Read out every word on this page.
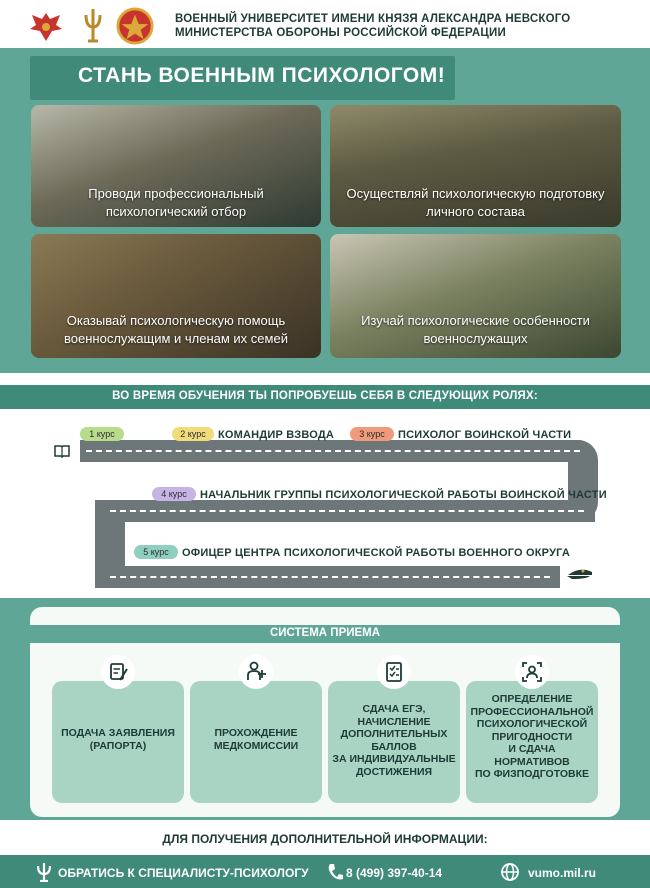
ВОЕННЫЙ УНИВЕРСИТЕТ ИМЕНИ КНЯЗЯ АЛЕКСАНДРА НЕВСКОГО
МИНИСТЕРСТВА ОБОРОНЫ РОССИЙСКОЙ ФЕДЕРАЦИИ
СТАНЬ ВОЕННЫМ ПСИХОЛОГОМ!
Проводи профессиональный
психологический отбор
Осуществляй психологическую подготовку
личного состава
Оказывай психологическую помощь
военнослужащим и членам их семей
Изучай психологические особенности
военнослужащих
ВО ВРЕМЯ ОБУЧЕНИЯ ТЫ ПОПРОБУЕШЬ СЕБЯ В СЛЕДУЮЩИХ РОЛЯХ:
1 курс	2 курс	КОМАНДИР ВЗВОДА	3 курс	ПСИХОЛОГ ВОИНСКОЙ ЧАСТИ
4 курс	НАЧАЛЬНИК ГРУППЫ ПСИХОЛОГИЧЕСКОЙ РАБОТЫ ВОИНСКОЙ ЧАСТИ
5 курс	ОФИЦЕР ЦЕНТРА ПСИХОЛОГИЧЕСКОЙ РАБОТЫ ВОЕННОГО ОКРУГА
СИСТЕМА ПРИЕМА
ПОДАЧА ЗАЯВЛЕНИЯ
(РАПОРТА)
ПРОХОЖДЕНИЕ
МЕДКОМИССИИ
СДАЧА ЕГЭ,
НАЧИСЛЕНИЕ
ДОПОЛНИТЕЛЬНЫХ
БАЛЛОВ
ЗА ИНДИВИДУАЛЬНЫЕ
ДОСТИЖЕНИЯ
ОПРЕДЕЛЕНИЕ
ПРОФЕССИОНАЛЬНОЙ
ПСИХОЛОГИЧЕСКОЙ
ПРИГОДНОСТИ
И СДАЧА
НОРМАТИВОВ
ПО ФИЗПОДГОТОВКЕ
ДЛЯ ПОЛУЧЕНИЯ ДОПОЛНИТЕЛЬНОЙ ИНФОРМАЦИИ:
ОБРАТИСЬ К СПЕЦИАЛИСТУ-ПСИХОЛОГУ	8 (499) 397-40-14	vumo.mil.ru
